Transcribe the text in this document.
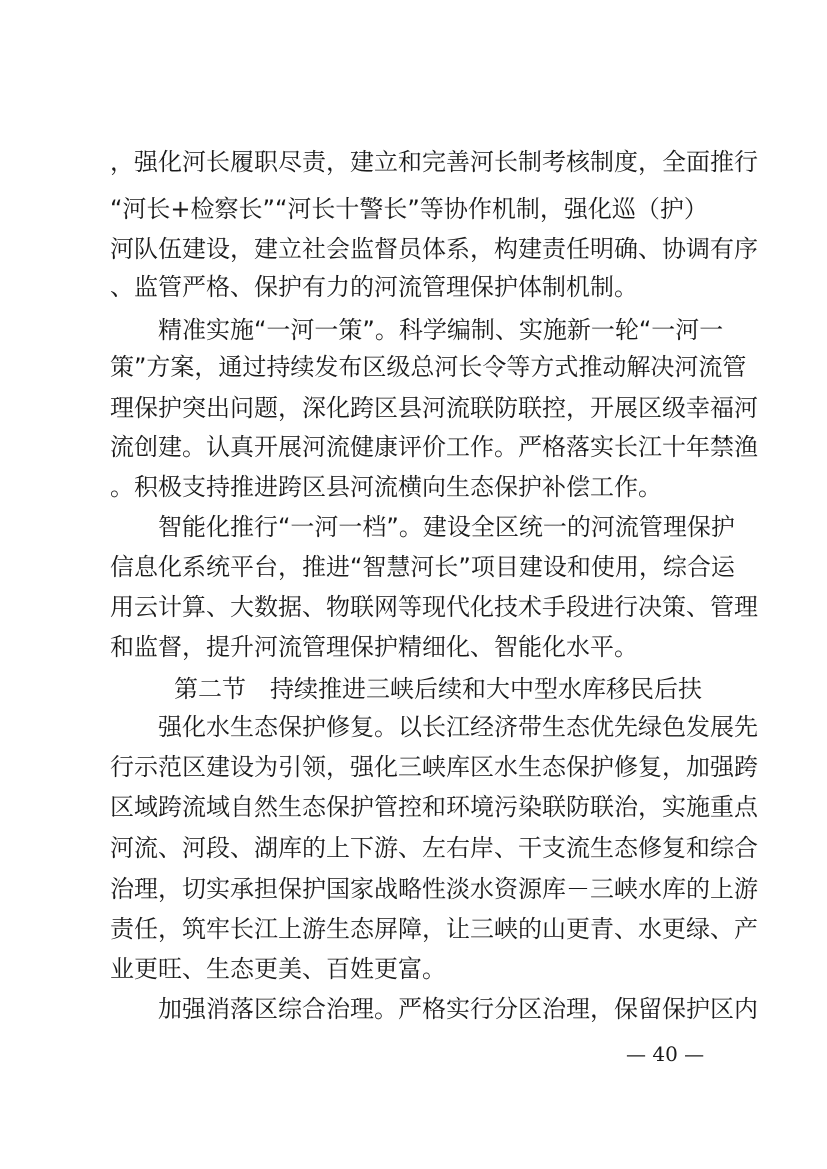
，强化河长履职尽责，建立和完善河长制考核制度，全面推行
“河长+检察长”“河长十警长”等协作机制，强化巡（护）
河队伍建设，建立社会监督员体系，构建责任明确、协调有序
、监管严格、保护有力的河流管理保护体制机制。
　　精准实施“一河一策”。科学编制、实施新一轮“一河一
策”方案，通过持续发布区级总河长令等方式推动解决河流管
理保护突出问题，深化跨区县河流联防联控，开展区级幸福河
流创建。认真开展河流健康评价工作。严格落实长江十年禁渔
。积极支持推进跨区县河流横向生态保护补偿工作。
　　智能化推行“一河一档”。建设全区统一的河流管理保护
信息化系统平台，推进“智慧河长”项目建设和使用，综合运
用云计算、大数据、物联网等现代化技术手段进行决策、管理
和监督，提升河流管理保护精细化、智能化水平。
第二节　持续推进三峡后续和大中型水库移民后扶
　　强化水生态保护修复。以长江经济带生态优先绿色发展先
行示范区建设为引领，强化三峡库区水生态保护修复，加强跨
区域跨流域自然生态保护管控和环境污染联防联治，实施重点
河流、河段、湖库的上下游、左右岸、干支流生态修复和综合
治理，切实承担保护国家战略性淡水资源库－三峡水库的上游
责任，筑牢长江上游生态屏障，让三峡的山更青、水更绿、产
业更旺、生态更美、百姓更富。
　　加强消落区综合治理。严格实行分区治理，保留保护区内
— 40 —
